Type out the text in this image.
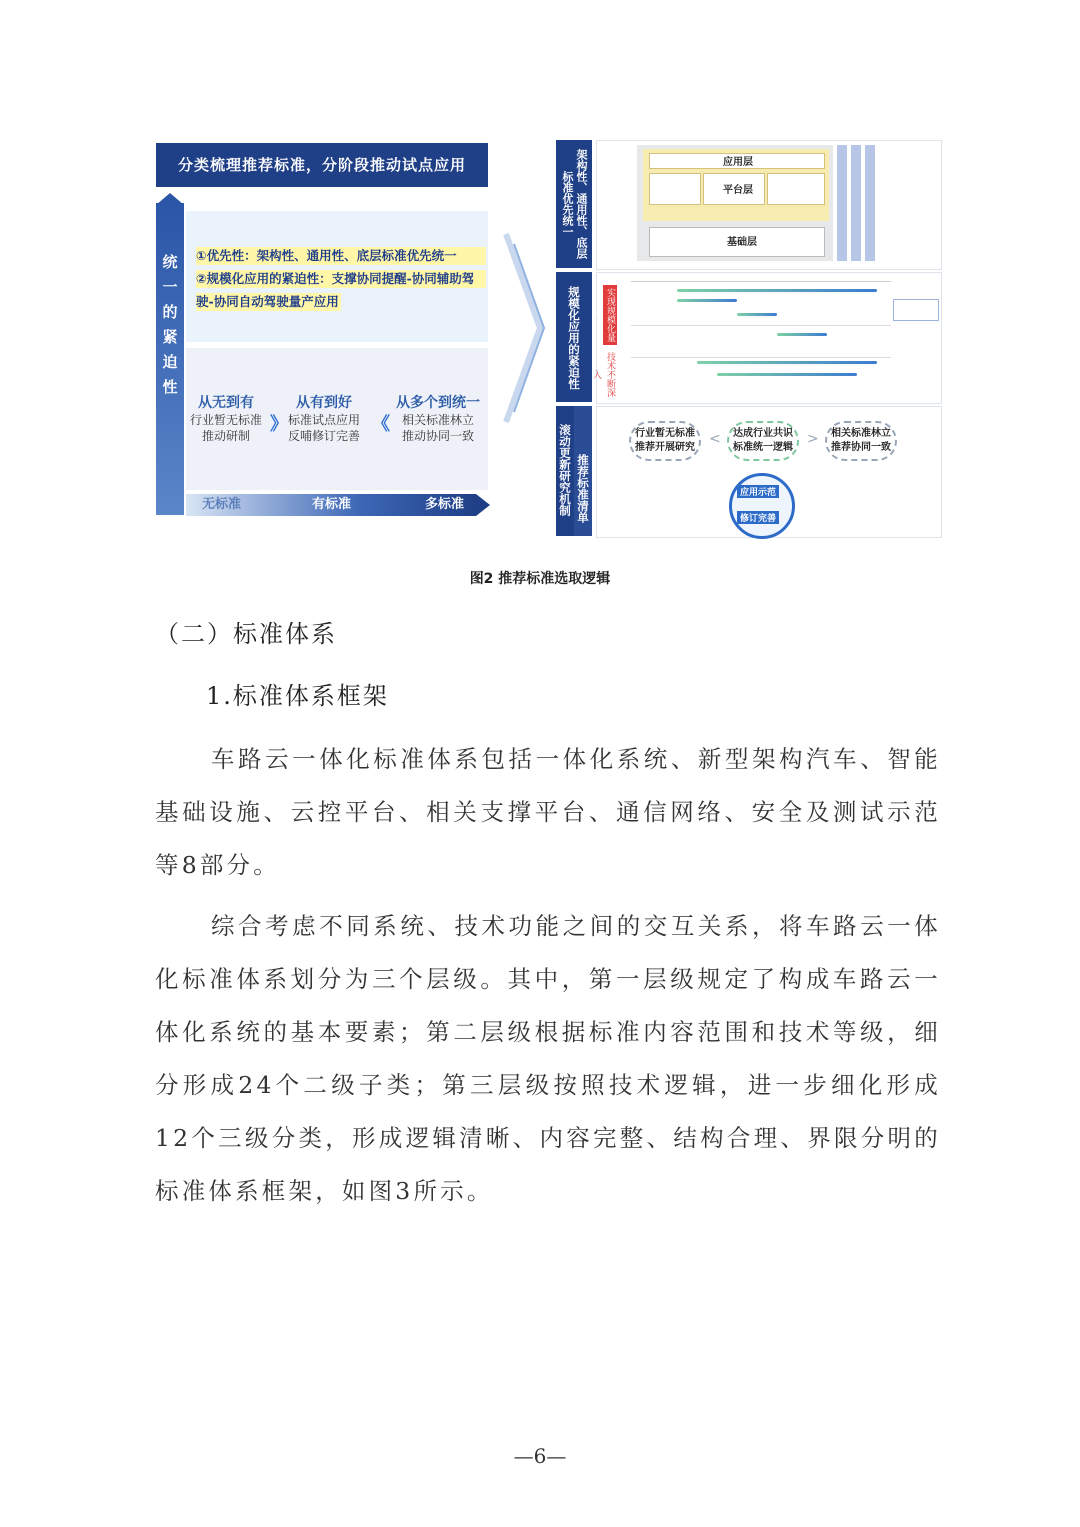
分类梳理推荐标准，分阶段推动试点应用
统
一
的
紧
迫
性
①优先性：架构性、通用性、底层标准优先统一
②规模化应用的紧迫性：支撑协同提醒-协同辅助驾
驶-协同自动驾驶量产应用
从无到有
行业暂无标准
推动研制
》
从有到好
标准试点应用
反哺修订完善
《
从多个到统一
相关标准林立
推动协同一致
无标准	有标准	多标准
架构性、通用性、底层标准优先统一
应用层
平台层
基础层
规模化应用的紧迫性	实现规模化量产
技术不断深入
滚动更新研究机制 推荐标准清单
行业暂无标准
推荐开展研究
达成行业共识
标准统一逻辑
相关标准林立
推荐协同一致
<	>
应用示范
修订完善
图2 推荐标准选取逻辑
（二）标准体系
1.标准体系框架

车路云一体化标准体系包括一体化系统、新型架构汽车、智能基础设施、云控平台、相关支撑平台、通信网络、安全及测试示范等8部分。

综合考虑不同系统、技术功能之间的交互关系，将车路云一体化标准体系划分为三个层级。其中，第一层级规定了构成车路云一体化系统的基本要素；第二层级根据标准内容范围和技术等级，细分形成24个二级子类；第三层级按照技术逻辑，进一步细化形成12个三级分类，形成逻辑清晰、内容完整、结构合理、界限分明的标准体系框架，如图3所示。

—6—
